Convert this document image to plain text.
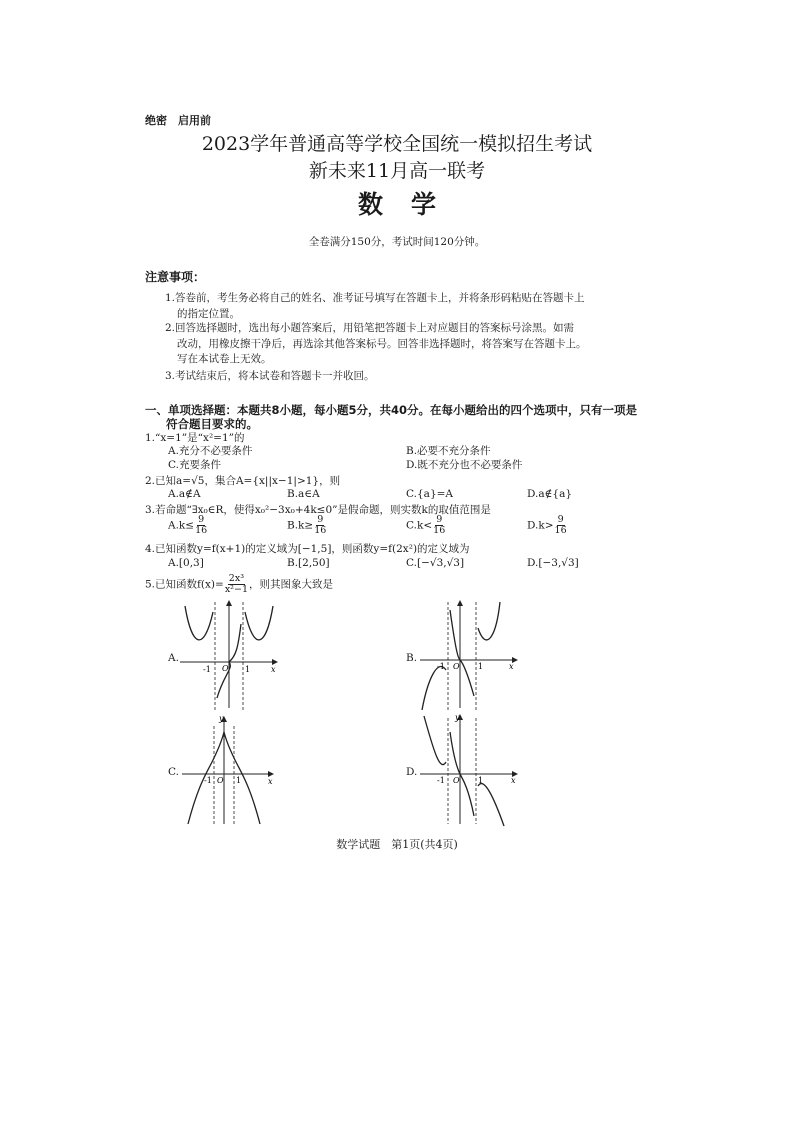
绝密　启用前
2023学年普通高等学校全国统一模拟招生考试
新未来11月高一联考
数学
全卷满分150分，考试时间120分钟。
注意事项：
1.答卷前，考生务必将自己的姓名、准考证号填写在答题卡上，并将条形码粘贴在答题卡上
的指定位置。
2.回答选择题时，选出每小题答案后，用铅笔把答题卡上对应题目的答案标号涂黑。如需
改动，用橡皮擦干净后，再选涂其他答案标号。回答非选择题时，将答案写在答题卡上。
写在本试卷上无效。
3.考试结束后，将本试卷和答题卡一并收回。
一、单项选择题：本题共8小题，每小题5分，共40分。在每小题给出的四个选项中，只有一项是
符合题目要求的。
1.“x=1”是“x²=1”的
A.充分不必要条件	B.必要不充分条件
C.充要条件	D.既不充分也不必要条件
2.已知a=√5，集合A={x||x−1|>1}，则
A.a∉A	B.a∈A	C.{a}=A	D.a∉{a}
3.若命题“∃x₀∈R，使得x₀²−3x₀+4k≤0”是假命题，则实数k的取值范围是
$A.k\le \frac{9}{16}$	$B.k\ge \frac{9}{16}$	$C.k< \frac{9}{16}$	$D.k> \frac{9}{16}$
4.已知函数y=f(x+1)的定义域为[−1,5]，则函数y=f(2x²)的定义域为
A.[0,3]	B.[2,50]	C.[−√3,√3]	D.[−3,√3]
5.已知函数$f(x)= \frac{\text{2x³}}{\text{x²−1}}$ ，则其图象大致是
A.	B.
C.	D.
-1 O 1	x	-1 O 1	x
-1 O 1	x
y
-1 O 1	x
y
数学试题　第1页(共4页)
